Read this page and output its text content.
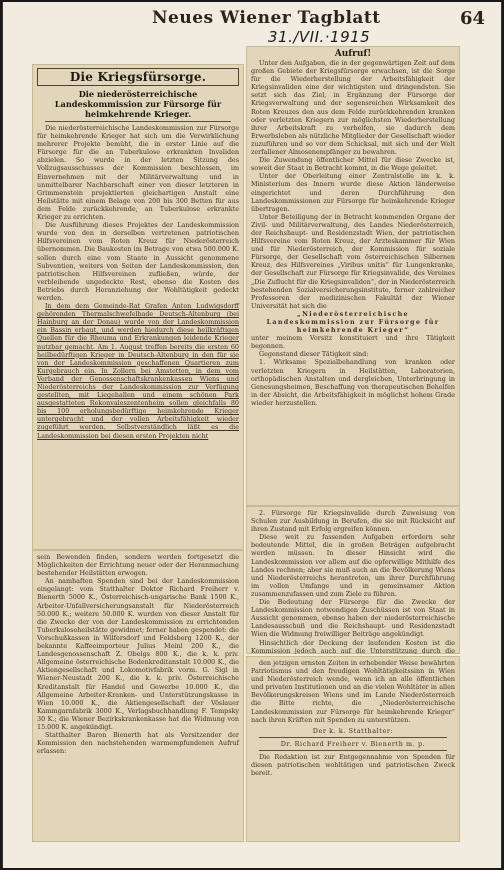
Neues Wiener Tagblatt	64
31./VII.·1915
Die Kriegsfürsorge.
Die niederösterreichische Landeskommission zur Fürsorge für heimkehrende Krieger.

Die niederösterreichische Landeskommission zur Fürsorge für heimkehrende Krieger hat sich um die Verwirklichung mehrerer Projekte bemüht, die in erster Linie auf die Fürsorge für die an Tuberkulose erkrankten Invaliden abzielen. So wurde in der letzten Sitzung des Vollzugsausschusses der Kommission beschlossen, im Einvernehmen mit der Militärverwaltung und in unmittelbarer Nachbarschaft einer von dieser letzteren in Grimmenstein projektierten gleichartigen Anstalt eine Heilstätte mit einem Belage von 200 bis 300 Betten für aus dem Felde zurückkehrende, an Tuberkulose erkrankte Krieger zu errichten.

Die Ausführung dieses Projektes der Landeskommission wurde von den in derselben vertretenen patriotischen Hilfsvereinen vom Roten Kreuz für Niederösterreich übernommen. Die Baukosten im Betrage von etwa 500.000 K. sollen durch eine vom Staate in Aussicht genommene Subvention, weiters von Seiten der Landeskommission, den patriotischen Hilfsvereinen zufließen, würde, der verbleibende ungedeckte Rest, ebenso die Kosten des Betriebs durch Heranziehung der Wohltätigkeit gedeckt werden.

In dem dem Gemeinde-Rat Grafen Anton Ludwigsdorff gehörenden Thermalschwefelbade Deutsch-Altenburg (bei Hainburg an der Donau) wurde von der Landeskommission ein Bassin erbaut, und werden hiedurch diese heilkräftigen Quellen für die Rheuma und Erkrankungen leidende Krieger nutzbar gemacht. Am 1. August treffen bereits die ersten 60 heilbedürftigen Krieger in Deutsch-Altenburg in den für sie von der Landeskommission geschaffenen Quartieren zum Kurgebrauch ein. In Zollern bei Amstetten, in dem vom Verband der Genossenschaftskrankenkassen Wiens und Niederösterreichs der Landeskommission zur Verfügung gestellten, mit Liegehallen und einem schönen Park ausgestatteten Rekonvaleszentenheim sollen gleichfalls 80 bis 100 erholungsbedürftige heimkehrende Krieger untergebracht und der vollen Arbeitsfähigkeit wieder zugeführt werden. Selbstverständlich läßt es die Landeskommission bei diesen ersten Projekten nicht

sein Bewenden finden, sondern werden fortgesetzt die Möglichkeiten der Errichtung neuer oder der Heranmachung bestehender Heilstätten erwogen.

An namhaften Spenden sind bei der Landeskommission eingelangt: vom Statthalter Doktor Richard Freiherr v. Bienerth 5000 K., Österreichisch-ungarische Bank 1500 K., Arbeiter-Unfallversicherungsanstalt für Niederösterreich 50.000 K.; weitere 50.000 K. wurden von dieser Anstalt für die Zwecke der von der Landeskommission zu errichtenden Tuberkuloseheilstätte gewidmet; ferner haben gespendet: die Vorschußkassen in Wilfersdorf und Feldsberg 1200 K., der bekannte Kaffeeimporteur Julius Meinl 200 K., die Landesgenossenschaft Z. Obelgs 800 K., die k. k. priv. Allgemeine österreichische Bodenkreditanstalt 10.000 K., die Aktiengesellschaft und Lokomotivfabrik vorm. G. Sigl in Wiener-Neustadt 200 K., die k. k. priv. Österreichische Kreditanstalt für Handel und Gewerbe 10.000 K., die Allgemeine Arbeiter-Kranken- und Unterstützungskasse in Wien 10.000 K., die Aktiengesellschaft der Vöslauer Kammgarnfabrik 3000 K., Verlagsbuchhandlung F. Tempsky 30 K.; die Wiener Bezirkskrankenkasse hat die Widmung von 15.000 K. angekündigt.

Statthalter Baron Bienerth hat als Vorsitzender der Kommission den nachstehenden warmempfundenen Aufruf erlassen:

Aufruf!

Unter den Aufgaben, die in der gegenwärtigen Zeit auf dem großen Gebiete der Kriegsfürsorge erwachsen, ist die Sorge für die Wiederherstellung der Arbeitsfähigkeit der Kriegsinvaliden eine der wichtigsten und dringendsten. Sie setzt sich das Ziel, in Ergänzung der Fürsorge der Kriegsverwaltung und der segensreichen Wirksamkeit des Roten Kreuzes den aus dem Felde zurückkehrenden kranken oder verletzten Kriegern zur möglichsten Wiederherstellung ihrer Arbeitskraft zu verhelfen, sie dadurch dem Erwerbsleben als nützliche Mitglieder der Gesellschaft wieder zuzuführen und so vor dem Schicksal, mit sich und der Welt zerfallener Almosenempfänger zu bewahren.

Die Zuwendung öffentlicher Mittel für diese Zwecke ist, soweit der Staat in Betracht kommt, in die Wege geleitet.

Unter der Oberleitung einer Zentralstelle im k. k. Ministerium des Innern wurde diese Aktion länderweise eingerichtet und deren Durchführung den Landeskommissionen zur Fürsorge für heimkehrende Krieger übertragen.

Unter Beteiligung der in Betracht kommenden Organe der Zivil- und Militärverwaltung, des Landes Niederösterreich, der Reichshaupt- und Residenzstadt Wien, der patriotischen Hilfsvereine vom Roten Kreuz, der Arzteskammer für Wien und für Niederösterreich, der Kommission für soziale Fürsorge, der Gesellschaft vom österreichischen Silbernen Kreuz, des Hilfsvereines „Viribus unitis“ für Lungenkranke, der Gesellschaft zur Fürsorge für Kriegsinvalide, des Vereines „Die Zuflucht für die Kriegsinvaliden“, der in Niederösterreich bestehenden Sozialversicherungsinstitute, ferner zahlreicher Professoren der medizinischen Fakultät der Wiener Universität hat sich die

„Niederösterreichische Landeskommission zur Fürsorge für heimkehrende Krieger“

unter meinem Vorsitz konstituiert und ihre Tätigkeit begonnen.

Gegenstand dieser Tätigkeit sind:

1. Wirksame Spezialbehandlung von kranken oder verletzten Kriegern in Heilstätten, Laboratorien, orthopädischen Anstalten und dergleichen, Unterbringung in Genesungsheimen, Beschaffung von therapeutischen Behelfen in der Absicht, die Arbeitsfähigkeit in möglichst hohem Grade wieder herzustellen.

2. Fürsorge für Kriegsinvalide durch Zuweisung von Schulen zur Ausbildung in Berufen, die sie mit Rücksicht auf ihren Zustand mit Erfolg ergreifen können.

Diese weit zu fassenden Aufgaben erfordern sehr bedeutende Mittel, die in großen Beträgen aufgebracht werden müssen. In dieser Hinsicht wird die Landeskommission vor allem auf die opferwillige Mithilfe des Landes rechnen; aber sie muß auch an die Bevölkerung Wiens und Niederösterreichs herantreten, um ihrer Durchführung im vollen Umfange und in gemeinsamer Aktion zusammenzufassen und zum Ziele zu führen.

Die Bedeutung der Fürsorge für die Zwecke der Landeskommission notwendigen Zuschüssen ist von Staat in Aussicht genommen, ebenso haben der niederösterreichische Landesausschuß und die Reichshaupt- und Residenzstadt Wien die Widmung freiwilliger Beiträge angekündigt.

Hinsichtlich der Deckung der laufenden Kosten ist die Kommission jedoch auch auf die Unterstützung durch die

den jetzigen ernsten Zeiten in erhebender Weise bewährten Patriotismus und den freudigen Wohltätigkeitssinn in Wien und Niederösterreich wende, wenn ich an alle öffentlichen und privaten Institutionen und an die vielen Wohltäter in allen Bevölkerungskreisen Wiens und im Lande Niederösterreich die Bitte richte, die „Niederösterreichische Landeskommission zur Fürsorge für heimkehrende Krieger“ nach ihren Kräften mit Spenden zu unterstützen.

Der k. k. Statthalter:

Dr. Richard Freiherr v. Bienerth m. p.

Die Redaktion ist zur Entgegennahme von Spenden für diesen patriotischen wohltätigen und patriotischen Zweck bereit.
